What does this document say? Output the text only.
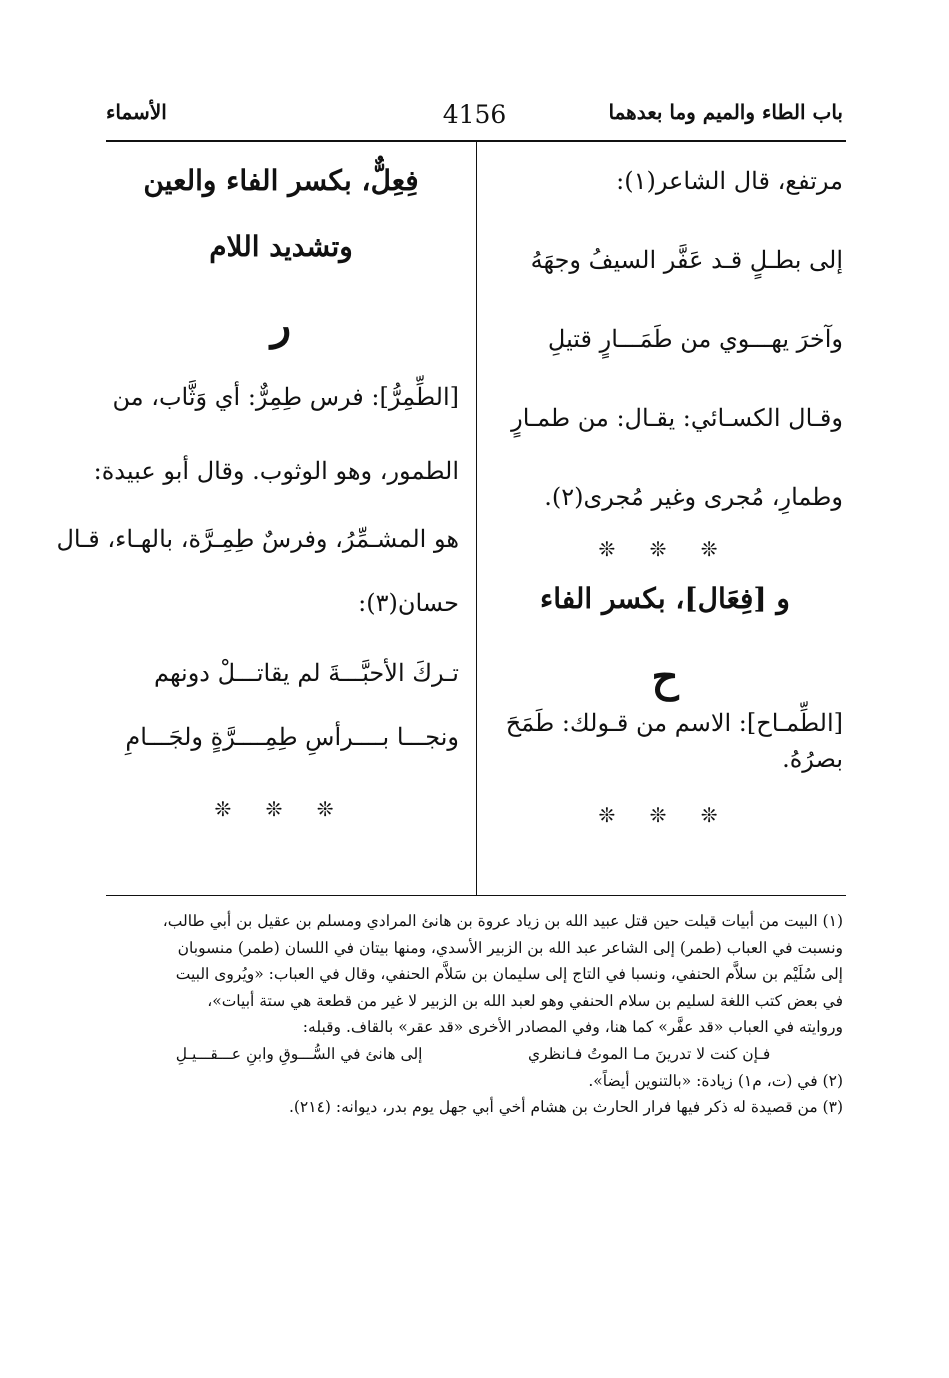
باب الطاء والميم وما بعدهما
4156
الأسماء
مرتفع، قال الشاعر(١):
إلى بطـلٍ قـد عَفَّر السيفُ وجهَهُ
وآخرَ يهـــوي من طَمَـــارٍ قتيلِ
وقـال الكسـائي: يقـال: من طمـارٍ
وطمارِ، مُجرى وغير مُجرى(٢).
❊ ❊ ❊
و [فِعَال]، بكسر الفاء
ح
[الطِّمـاح]: الاسم من قـولك: طَمَحَ
بصرُهُ.
❊ ❊ ❊
فِعِلٌّ، بكسر الفاء والعين
وتشديد اللام
ر
[الطِّمِرُّ]: فرس طِمِرٌّ: أي وَثَّاب، من
الطمور، وهو الوثوب. وقال أبو عبيدة:
هو المشـمِّرُ، وفرسٌ طِمِـرَّة، بالهـاء، قـال
حسان(٣):
تـركَ الأحبَّـــةَ لم يقاتـــلْ دونهم
ونجـــا بــــرأسِ طِمِــــرَّةٍ ولجَـــامِ
❊ ❊ ❊
(١) البيت من أبيات قيلت حين قتل عبيد الله بن زياد عروة بن هانئ المرادي ومسلم بن عقيل بن أبي طالب،
ونسبت في العباب (طمر) إلى الشاعر عبد الله بن الزبير الأسدي، ومنها بيتان في اللسان (طمر) منسوبان
إلى سُلَيْم بن سلاَّم الحنفي، ونسبا في التاج إلى سليمان بن سَلاَّم الحنفي، وقال في العباب: «ويُروى البيت
في بعض كتب اللغة لسليم بن سلام الحنفي وهو لعبد الله بن الزبير لا غير من قطعة هي ستة أبيات»،
وروايته في العباب «قد عفَّر» كما هنا، وفي المصادر الأخرى «قد عقر» بالقاف. وقبله:
فـإن كنت لا تدرينَ مـا الموتُ فـانظري
إلى هانئ في السُّـــوقِ وابنِ عـــقـــيـلِ
(٢) في (ت، م١) زيادة: «بالتنوين أيضاً».
(٣) من قصيدة له ذكر فيها فرار الحارث بن هشام أخي أبي جهل يوم بدر، ديوانه: (٢١٤).
